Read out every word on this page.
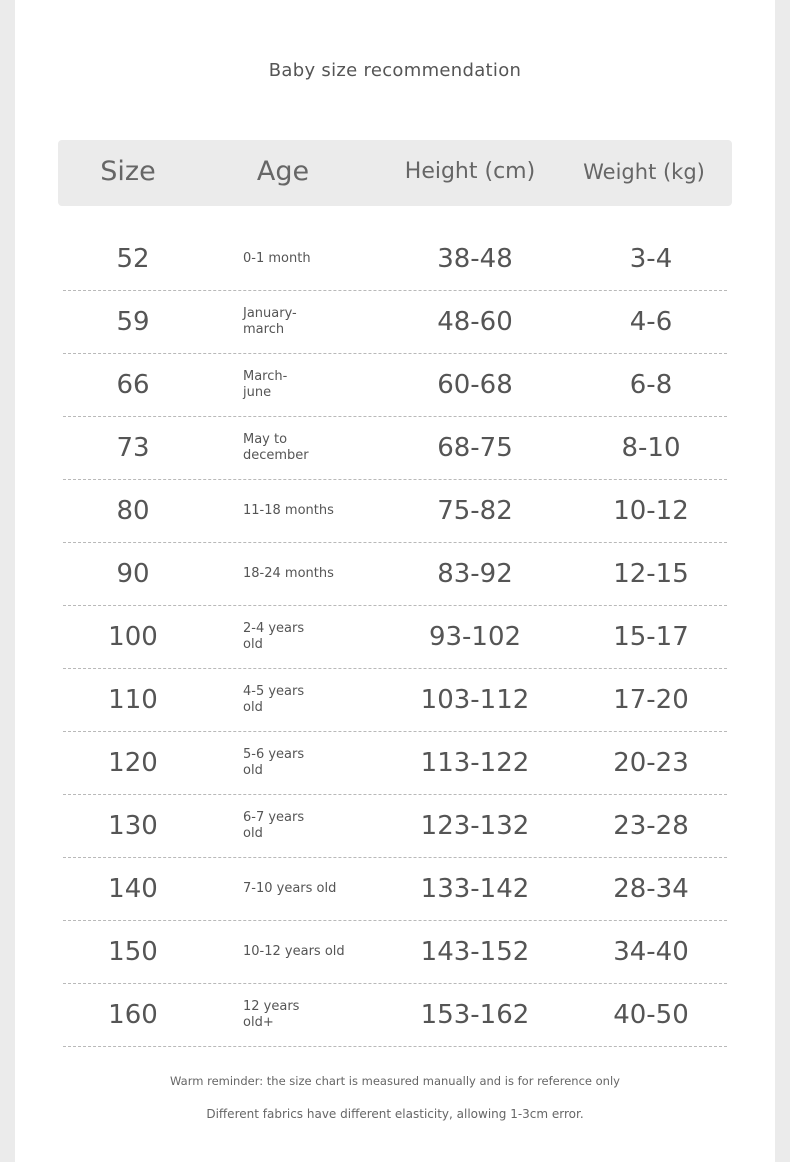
Baby size recommendation
Size	Age	Height (cm)	Weight (kg)
52	0-1 month	38-48	3-4
59	January-
march	48-60	4-6
66	March-
june	60-68	6-8
73	May to
december	68-75	8-10
80	11-18 months	75-82	10-12
90	18-24 months	83-92	12-15
100	2-4 years
old	93-102	15-17
110	4-5 years
old	103-112	17-20
120	5-6 years
old	113-122	20-23
130	6-7 years
old	123-132	23-28
140	7-10 years old	133-142	28-34
150	10-12 years old	143-152	34-40
160	12 years
old+	153-162	40-50
Warm reminder: the size chart is measured manually and is for reference only
Different fabrics have different elasticity, allowing 1-3cm error.
